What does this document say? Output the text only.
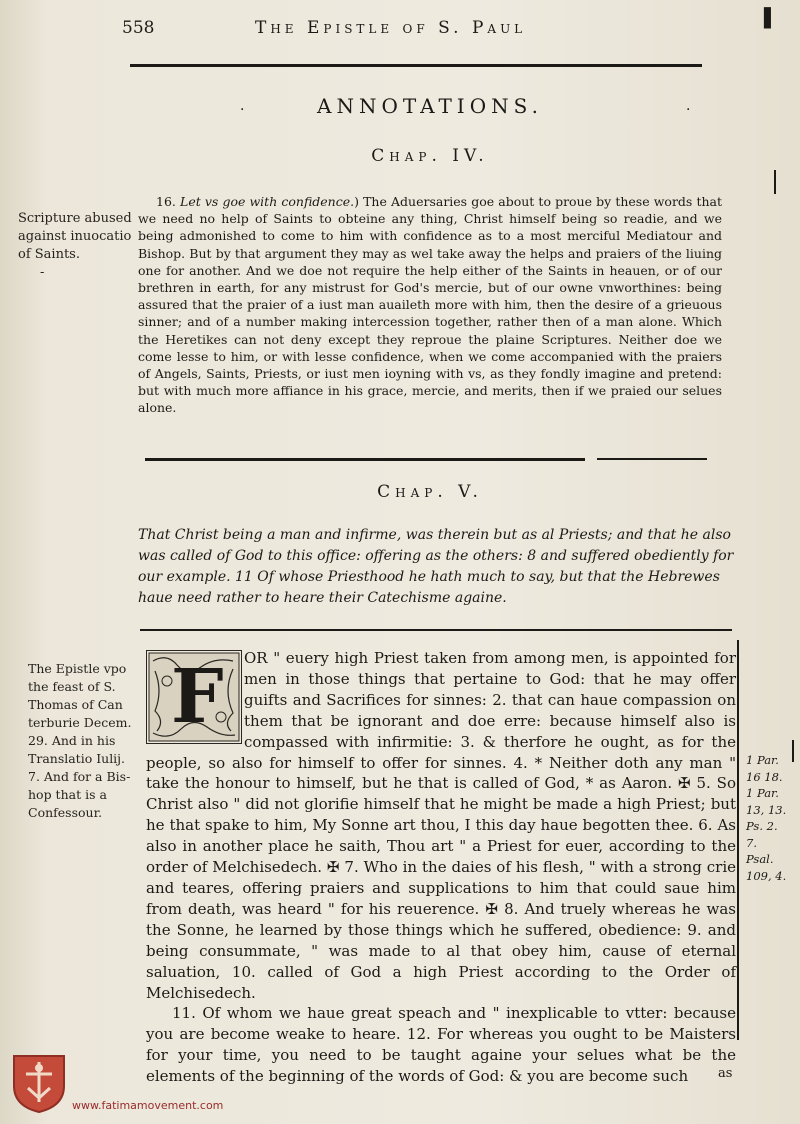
558	The Epistle of S. Paul	▌
ANNOTATIONS.
·	·
Chap. IV.
Scripture abused
against inuocatio
of Saints.
-

16. Let vs goe with confidence.) The Aduersaries goe about to proue by these words that we need no help of Saints to obteine any thing, Christ himself being so readie, and we being admonished to come to him with confidence as to a most merciful Mediatour and Bishop. But by that argument they may as wel take away the helps and praiers of the liuing one for another. And we doe not require the help either of the Saints in heauen, or of our brethren in earth, for any mistrust for God's mercie, but of our owne vnworthines: being assured that the praier of a iust man auaileth more with him, then the desire of a grieuous sinner; and of a number making intercession together, rather then of a man alone. Which the Heretikes can not deny except they reproue the plaine Scriptures. Neither doe we come lesse to him, or with lesse confidence, when we come accompanied with the praiers of Angels, Saints, Priests, or iust men ioyning with vs, as they fondly imagine and pretend: but with much more affiance in his grace, mercie, and merits, then if we praied our selues alone.

Chap. V.
That Christ being a man and infirme, was therein but as al Priests; and that he also was called of God to this office: offering as the others: 8 and suffered obediently for our example. 11 Of whose Priesthood he hath much to say, but that the Hebrewes haue need rather to heare their Catechisme againe.
The Epistle vpo
the feast of S.
Thomas of Can
terburie Decem.
29. And in his
Translatio Iulij.
7. And for a Bis-
hop that is a
Confessour.
F	OR " euery high Priest taken from among men, is appointed for men in those things that pertaine to God: that he may offer guifts and Sacrifices for sinnes: 2. that can haue compassion on them that be ignorant and doe erre: because himself also is compassed with infirmitie: 3. & therfore he ought, as for the people, so also for himself to offer for sinnes. 4. * Neither doth any man " take the honour to himself, but he that is called of God, * as Aaron. ✠ 5. So Christ also " did not glorifie himself that he might be made a high Priest; but he that spake to him, My Sonne art thou, I this day haue begotten thee. 6. As also in another place he saith, Thou art " a Priest for euer, according to the order of Melchisedech. ✠ 7. Who in the daies of his flesh, " with a strong crie and teares, offering praiers and supplications to him that could saue him from death, was heard " for his reuerence. ✠ 8. And truely whereas he was the Sonne, he learned by those things which he suffered, obedience: 9. and being consummate, " was made to al that obey him, cause of eternal saluation, 10. called of God a high Priest according to the Order of Melchisedech.

11. Of whom we haue great speach and " inexplicable to vtter: because you are become weake to heare. 12. For whereas you ought to be Maisters for your time, you need to be taught againe your selues what be the elements of the beginning of the words of God: & you are become such

1 Par.
16 18.
1 Par.
13, 13.
Ps. 2.
7.
Psal.
109, 4.
as
www.fatimamovement.com
